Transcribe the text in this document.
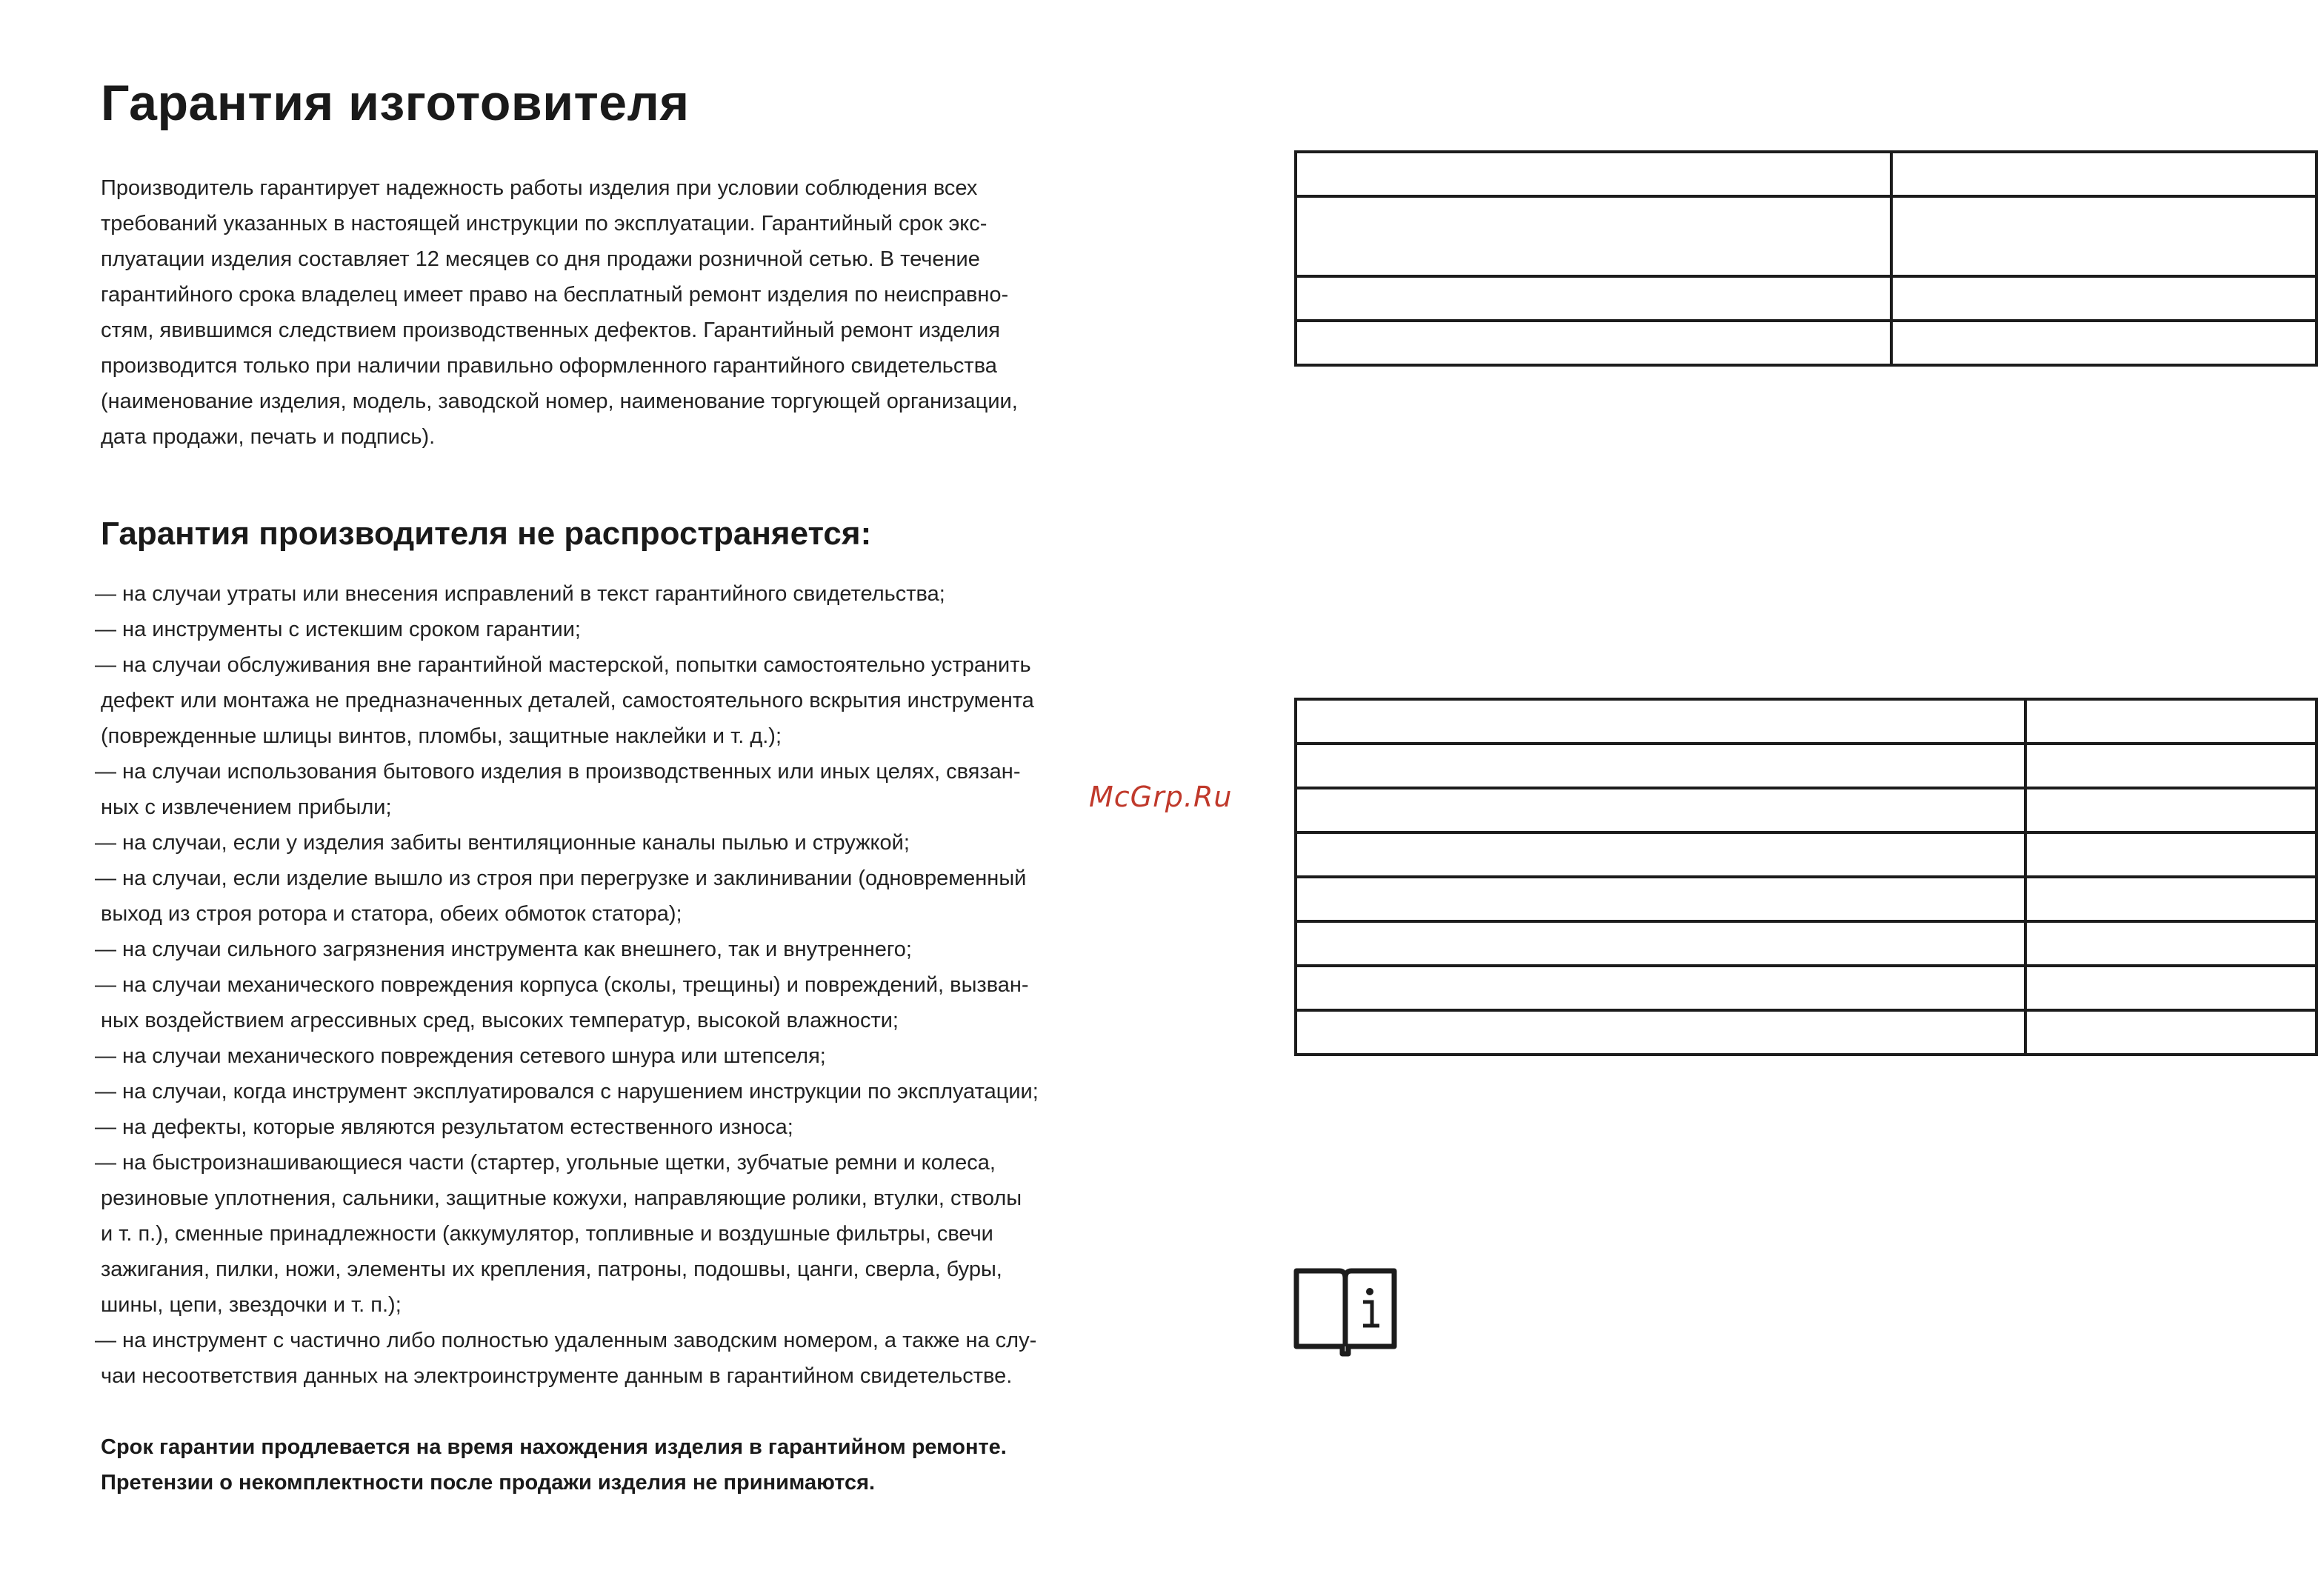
Гарантия изготовителя

Производитель гарантирует надежность работы изделия при условии соблюдения всех
требований указанных в настоящей инструкции по эксплуатации. Гарантийный срок экс-
плуатации изделия составляет 12 месяцев со дня продажи розничной сетью. В течение
гарантийного срока владелец имеет право на бесплатный ремонт изделия по неисправно-
стям, явившимся следствием производственных дефектов. Гарантийный ремонт изделия
производится только при наличии правильно оформленного гарантийного свидетельства
(наименование изделия, модель, заводской номер, наименование торгующей организации,
дата продажи, печать и подпись).

Гарантия производителя не распространяется:
— на случаи утраты или внесения исправлений в текст гарантийного свидетельства;
— на инструменты с истекшим сроком гарантии;
— на случаи обслуживания вне гарантийной мастерской, попытки самостоятельно устранить
дефект или монтажа не предназначенных деталей, самостоятельного вскрытия инструмента
(поврежденные шлицы винтов, пломбы, защитные наклейки и т. д.);
— на случаи использования бытового изделия в производственных или иных целях, связан-
ных с извлечением прибыли;
— на случаи, если у изделия забиты вентиляционные каналы пылью и стружкой;
— на случаи, если изделие вышло из строя при перегрузке и заклинивании (одновременный
выход из строя ротора и статора, обеих обмоток статора);
— на случаи сильного загрязнения инструмента как внешнего, так и внутреннего;
— на случаи механического повреждения корпуса (сколы, трещины) и повреждений, вызван-
ных воздействием агрессивных сред, высоких температур, высокой влажности;
— на случаи механического повреждения сетевого шнура или штепселя;
— на случаи, когда инструмент эксплуатировался с нарушением инструкции по эксплуатации;
— на дефекты, которые являются результатом естественного износа;
— на быстроизнашивающиеся части (стартер, угольные щетки, зубчатые ремни и колеса,
резиновые уплотнения, сальники, защитные кожухи, направляющие ролики, втулки, стволы
и т. п.), сменные принадлежности (аккумулятор, топливные и воздушные фильтры, свечи
зажигания, пилки, ножи, элементы их крепления, патроны, подошвы, цанги, сверла, буры,
шины, цепи, звездочки и т. п.);
— на инструмент с частично либо полностью удаленным заводским номером, а также на слу-
чаи несоответствия данных на электроинструменте данным в гарантийном свидетельстве.
Срок гарантии продлевается на время нахождения изделия в гарантийном ремонте.
Претензии о некомплектности после продажи изделия не принимаются.
McGrp.Ru
